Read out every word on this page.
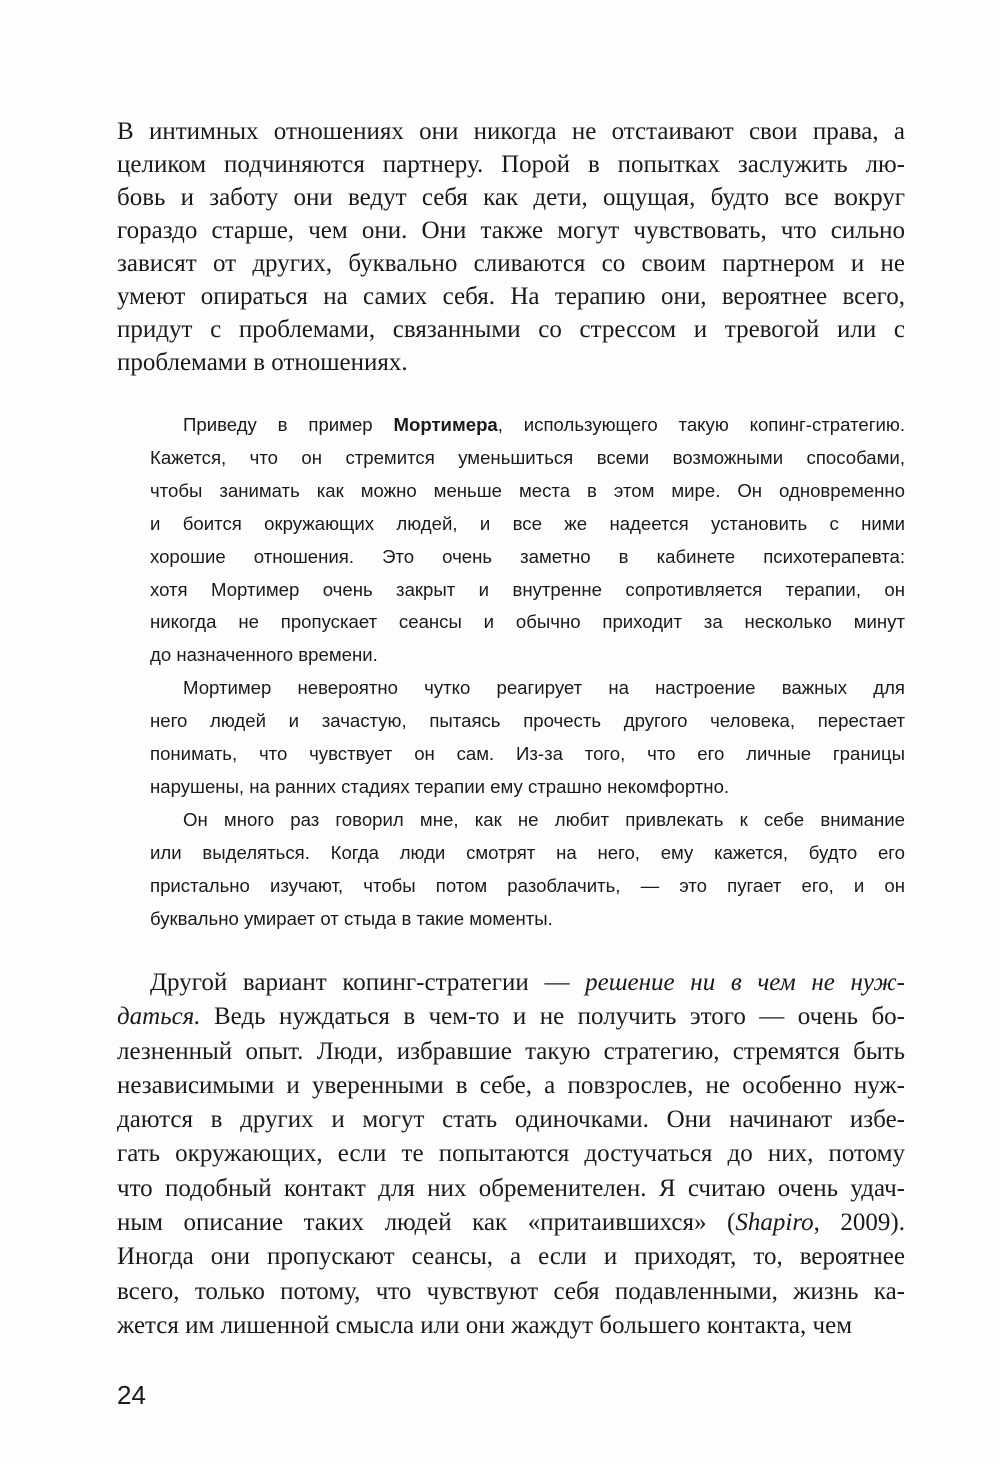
В интимных отношениях они никогда не отстаивают свои права, а
целиком подчиняются партнеру. Порой в попытках заслужить лю-
бовь и заботу они ведут себя как дети, ощущая, будто все вокруг
гораздо старше, чем они. Они также могут чувствовать, что сильно
зависят от других, буквально сливаются со своим партнером и не
умеют опираться на самих себя. На терапию они, вероятнее всего,
придут с проблемами, связанными со стрессом и тревогой или с
проблемами в отношениях.
Приведу в пример Мортимера, использующего такую копинг-стратегию.
Кажется, что он стремится уменьшиться всеми возможными способами,
чтобы занимать как можно меньше места в этом мире. Он одновременно
и боится окружающих людей, и все же надеется установить с ними
хорошие отношения. Это очень заметно в кабинете психотерапевта:
хотя Мортимер очень закрыт и внутренне сопротивляется терапии, он
никогда не пропускает сеансы и обычно приходит за несколько минут
до назначенного времени.
Мортимер невероятно чутко реагирует на настроение важных для
него людей и зачастую, пытаясь прочесть другого человека, перестает
понимать, что чувствует он сам. Из-за того, что его личные границы
нарушены, на ранних стадиях терапии ему страшно некомфортно.
Он много раз говорил мне, как не любит привлекать к себе внимание
или выделяться. Когда люди смотрят на него, ему кажется, будто его
пристально изучают, чтобы потом разоблачить, — это пугает его, и он
буквально умирает от стыда в такие моменты.
Другой вариант копинг-стратегии — решение ни в чем не нуж-
даться. Ведь нуждаться в чем-то и не получить этого — очень бо-
лезненный опыт. Люди, избравшие такую стратегию, стремятся быть
независимыми и уверенными в себе, а повзрослев, не особенно нуж-
даются в других и могут стать одиночками. Они начинают избе-
гать окружающих, если те попытаются достучаться до них, потому
что подобный контакт для них обременителен. Я считаю очень удач-
ным описание таких людей как «притаившихся» (Shapiro, 2009).
Иногда они пропускают сеансы, а если и приходят, то, вероятнее
всего, только потому, что чувствуют себя подавленными, жизнь ка-
жется им лишенной смысла или они жаждут большего контакта, чем
24
